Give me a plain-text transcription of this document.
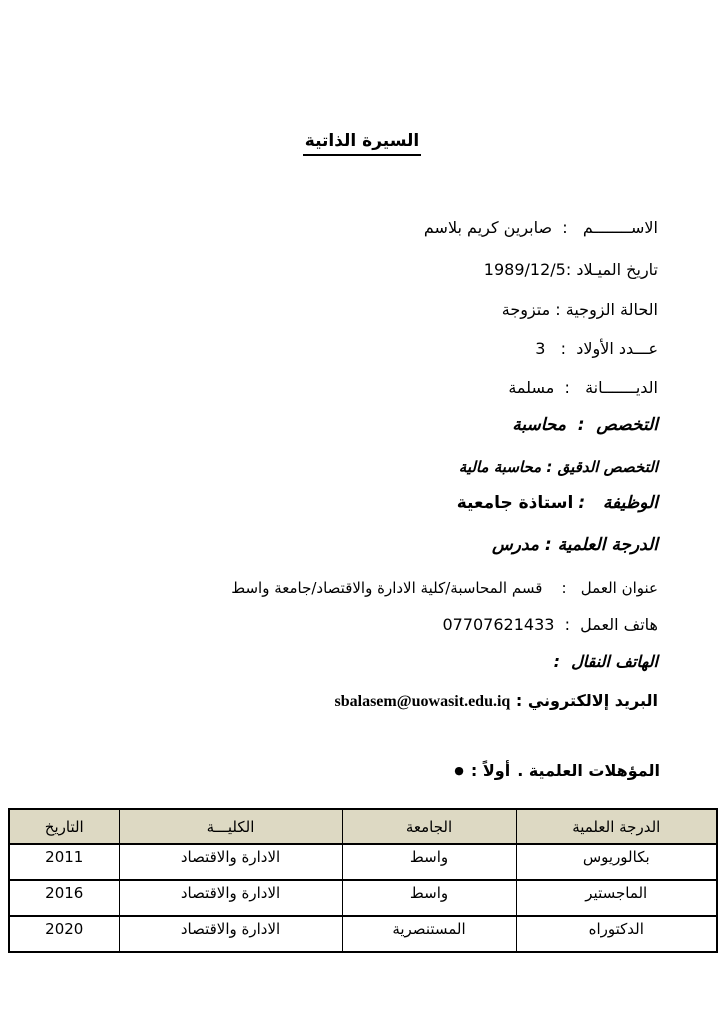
السيرة الذاتية
الاســــــــم   :  صابرين كريم بلاسم
تاريخ الميـلاد :1989/12/5
الحالة الزوجية : متزوجة
عـــدد الأولاد  :   3
الديـــــــانة   :  مسلمة
التخصص  :  محاسبة
التخصص الدقيق : محاسبة مالية
الوظيفة   : استاذة جامعية
الدرجة العلمية : مدرس
عنوان العمل   :    قسم المحاسبة/كلية الادارة والاقتصاد/جامعة واسط
هاتف العمل  :  07707621433
الهاتف النقال  :
البريد إلالكتروني : sbalasem@uowasit.edu.iq
● أولاً : المؤهلات العلمية .
الدرجة العلمية	الجامعة	الكليـــة	التاريخ
بكالوريوس	واسط	الادارة والاقتصاد	2011
الماجستير	واسط	الادارة والاقتصاد	2016
الدكتوراه	المستنصرية	الادارة والاقتصاد	2020
